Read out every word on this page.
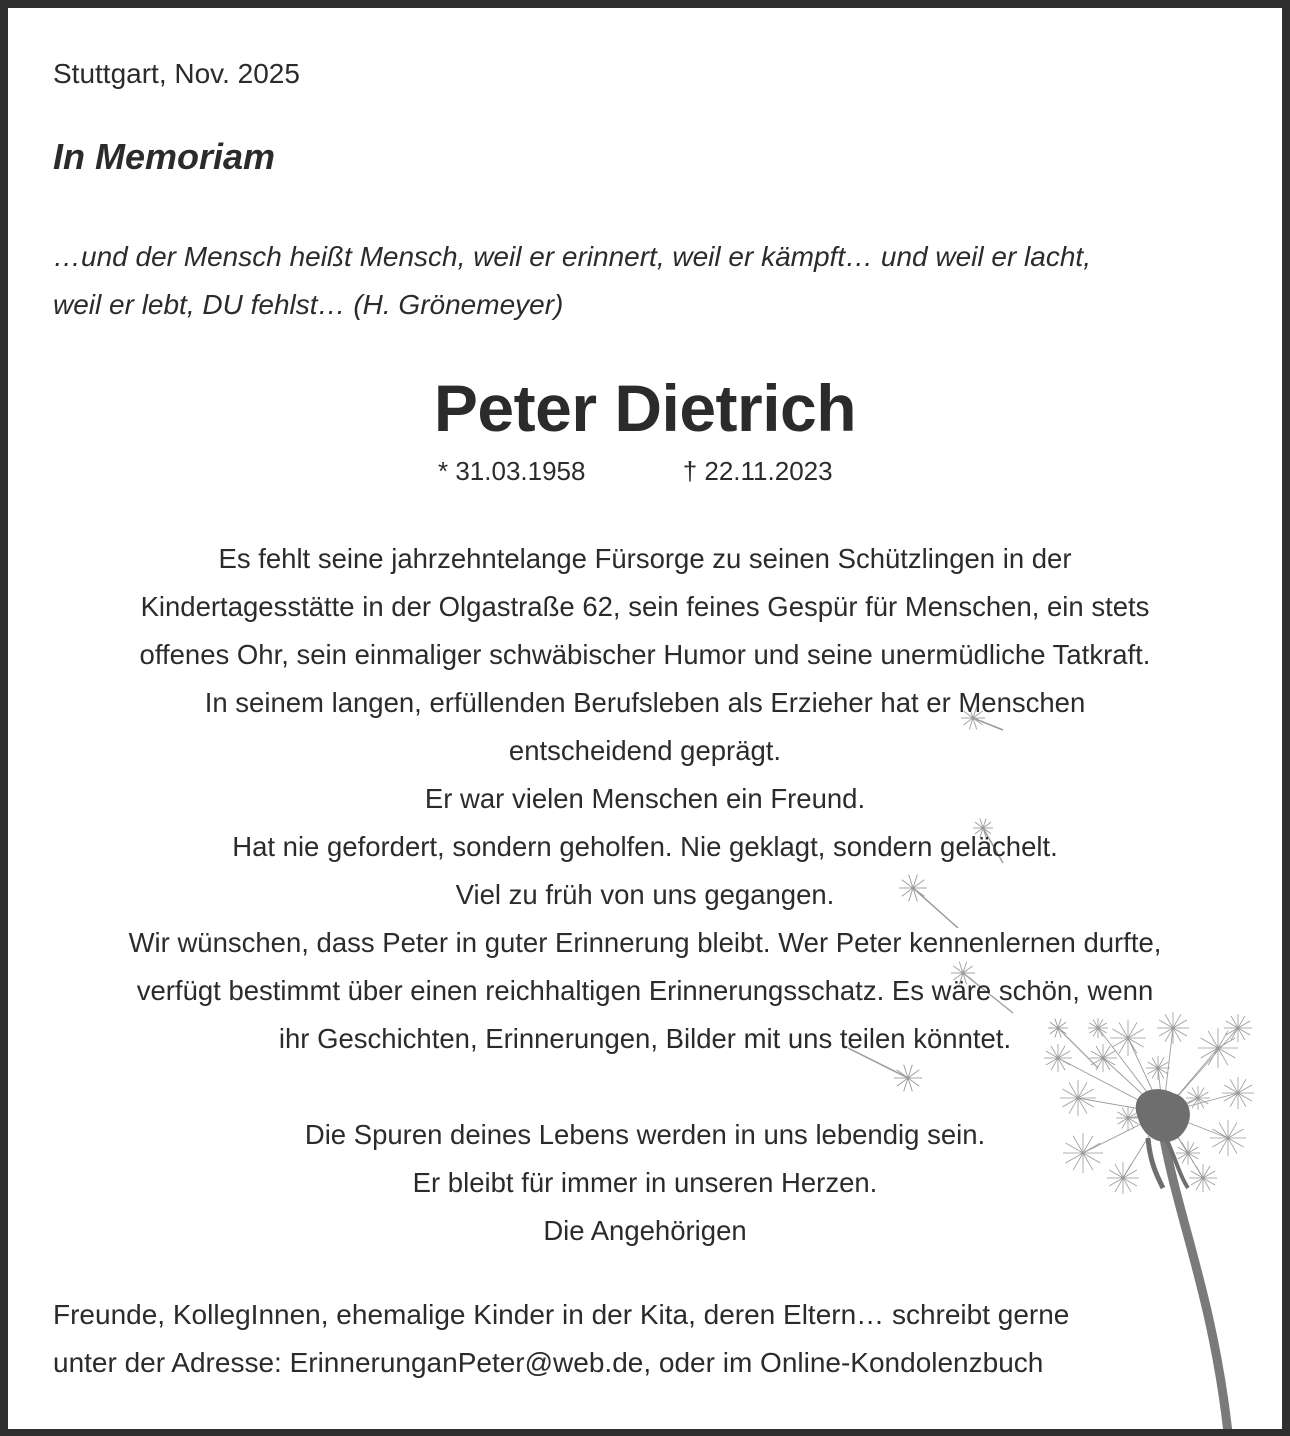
Stuttgart, Nov. 2025
In Memoriam
…und der Mensch heißt Mensch, weil er erinnert, weil er kämpft… und weil er lacht,
weil er lebt, DU fehlst… (H. Grönemeyer)
Peter Dietrich
* 31.03.1958	† 22.11.2023

Es fehlt seine jahrzehntelange Fürsorge zu seinen Schützlingen in der

Kindertagesstätte in der Olgastraße 62, sein feines Gespür für Menschen, ein stets

offenes Ohr, sein einmaliger schwäbischer Humor und seine unermüdliche Tatkraft.

In seinem langen, erfüllenden Berufsleben als Erzieher hat er Menschen

entscheidend geprägt.

Er war vielen Menschen ein Freund.

Hat nie gefordert, sondern geholfen. Nie geklagt, sondern gelächelt.

Viel zu früh von uns gegangen.

Wir wünschen, dass Peter in guter Erinnerung bleibt. Wer Peter kennenlernen durfte,

verfügt bestimmt über einen reichhaltigen Erinnerungsschatz. Es wäre schön, wenn

ihr Geschichten, Erinnerungen, Bilder mit uns teilen könntet.

Die Spuren deines Lebens werden in uns lebendig sein.

Er bleibt für immer in unseren Herzen.

Die Angehörigen

Freunde, KollegInnen, ehemalige Kinder in der Kita, deren Eltern… schreibt gerne
unter der Adresse: ErinnerunganPeter@web.de, oder im Online-Kondolenzbuch
